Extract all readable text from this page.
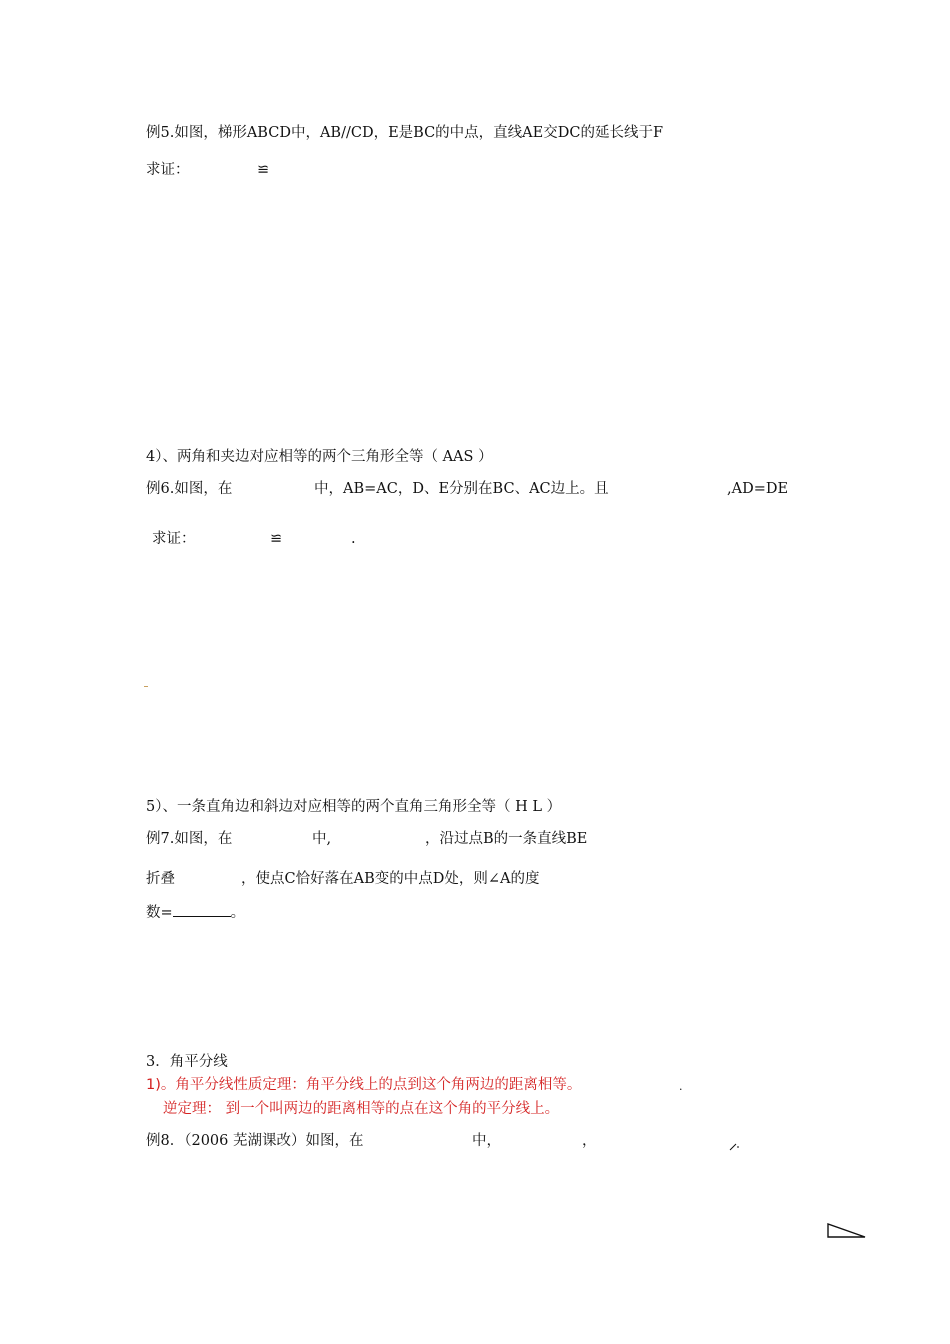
例5.如图，梯形ABCD中，AB//CD，E是BC的中点，直线AE交DC的延长线于F
求证：	≌
4）、两角和夹边对应相等的两个三角形全等（ AAS ）
例6.如图，在	中，AB=AC，D、E分别在BC、AC边上。且	,AD=DE
求证：	≌	.
5）、一条直角边和斜边对应相等的两个直角三角形全等（ H L ）
例7.如图，在	中,	，沿过点B的一条直线BE
折叠	，使点C恰好落在AB变的中点D处，则∠A的度
数=	。
3．角平分线
1)。角平分线性质定理：角平分线上的点到这个角两边的距离相等。	.
逆定理： 到一个叫两边的距离相等的点在这个角的平分线上。
例8．（2006 芜湖课改）如图，在	中，	，
